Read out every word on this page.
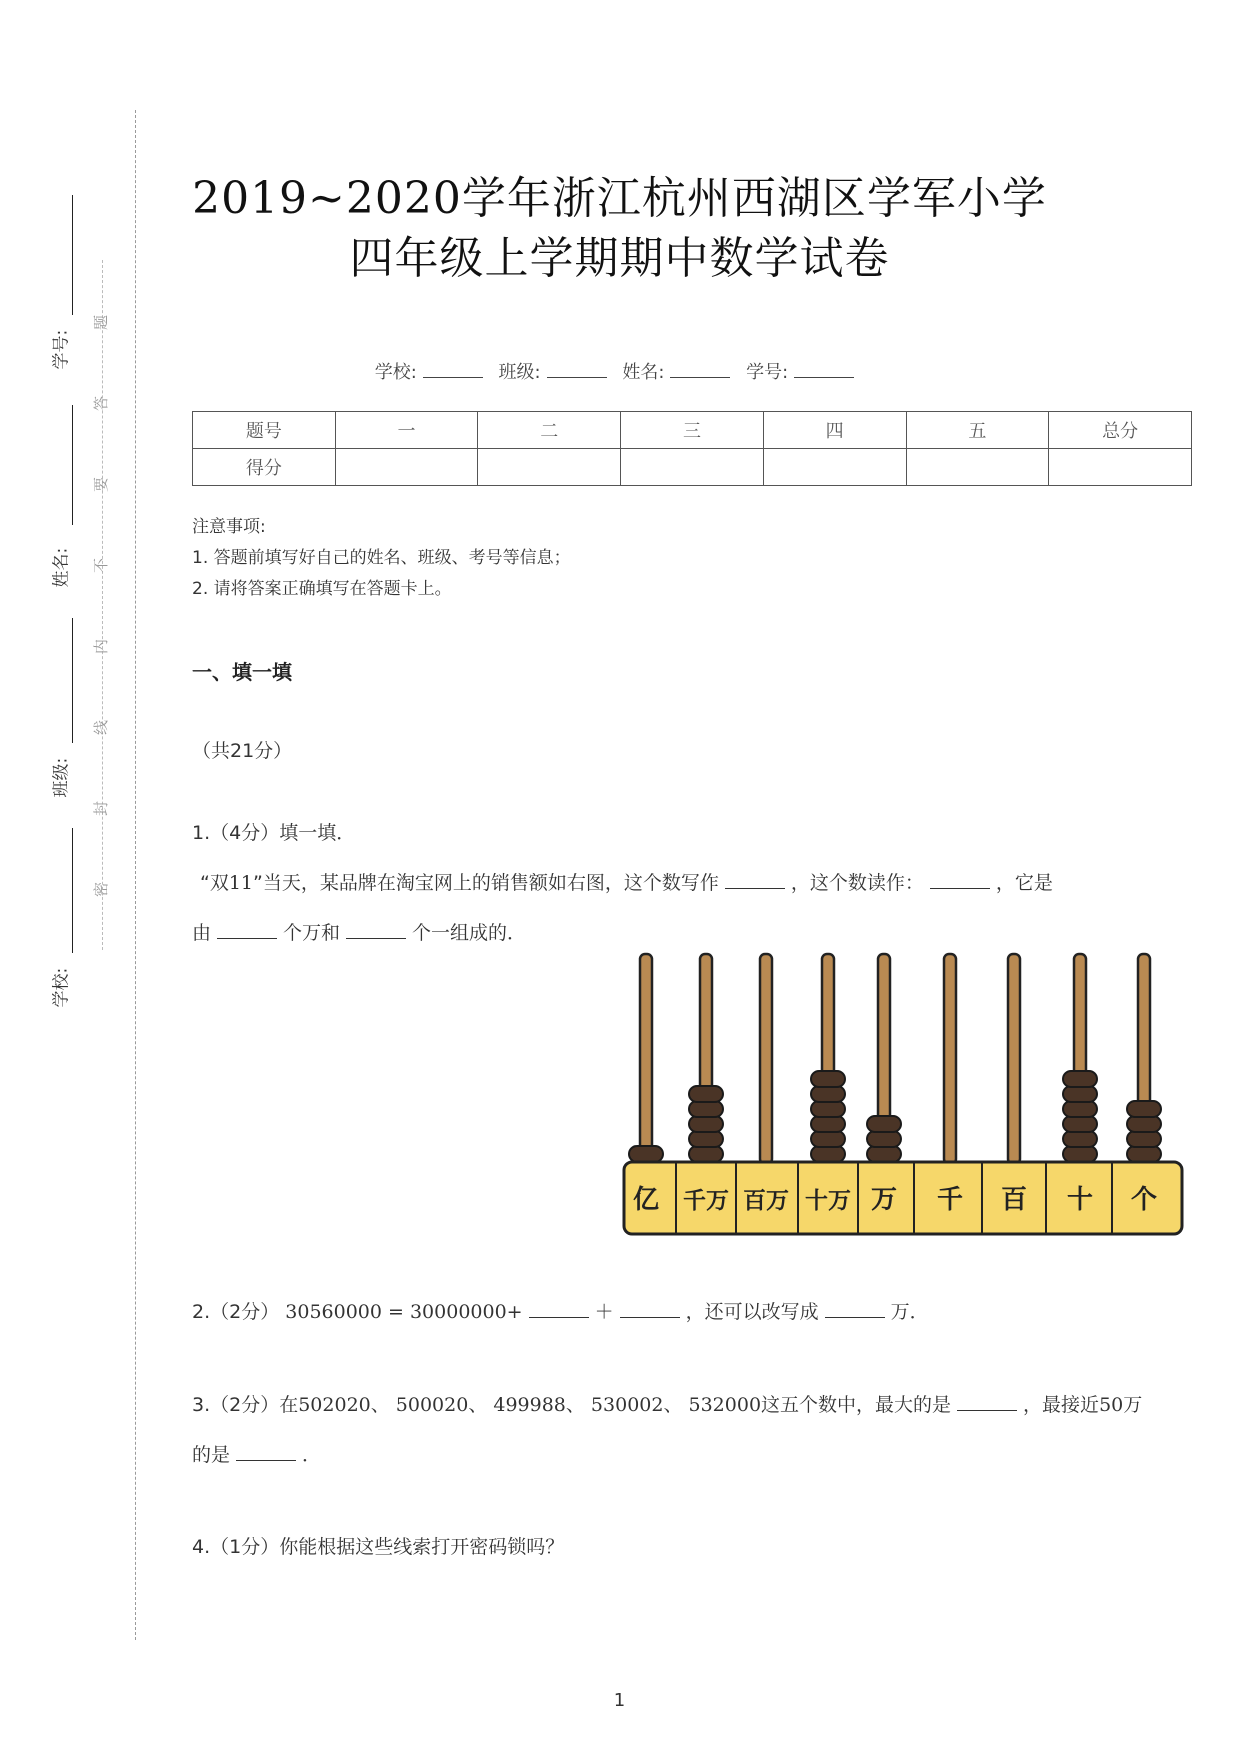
学号:
姓名:
班级:
学校:
题
答
要
不
内
线
封
密
2019~2020学年浙江杭州西湖区学军小学
四年级上学期期中数学试卷
学校:	班级:	姓名:	学号:
题号	一	二	三	四	五	总分
得分						
注意事项:
1. 答题前填写好自己的姓名、班级、考号等信息；
2. 请将答案正确填写在答题卡上。
一、填一填
（共21分）
1.（4分）填一填．
“双11”当天，某品牌在淘宝网上的销售额如右图，这个数写作	，这个数读作：	，它是
由	个万和	个一组成的．
亿 千万 百万 十万 万 千 百 十 个
2.（2分） 30560000 = 30000000+	＋	，还可以改写成	万．
3.（2分）在502020、 500020、 499988、 530002、 532000这五个数中，最大的是	，最接近50万
的是	．
4.（1分）你能根据这些线索打开密码锁吗？
1
